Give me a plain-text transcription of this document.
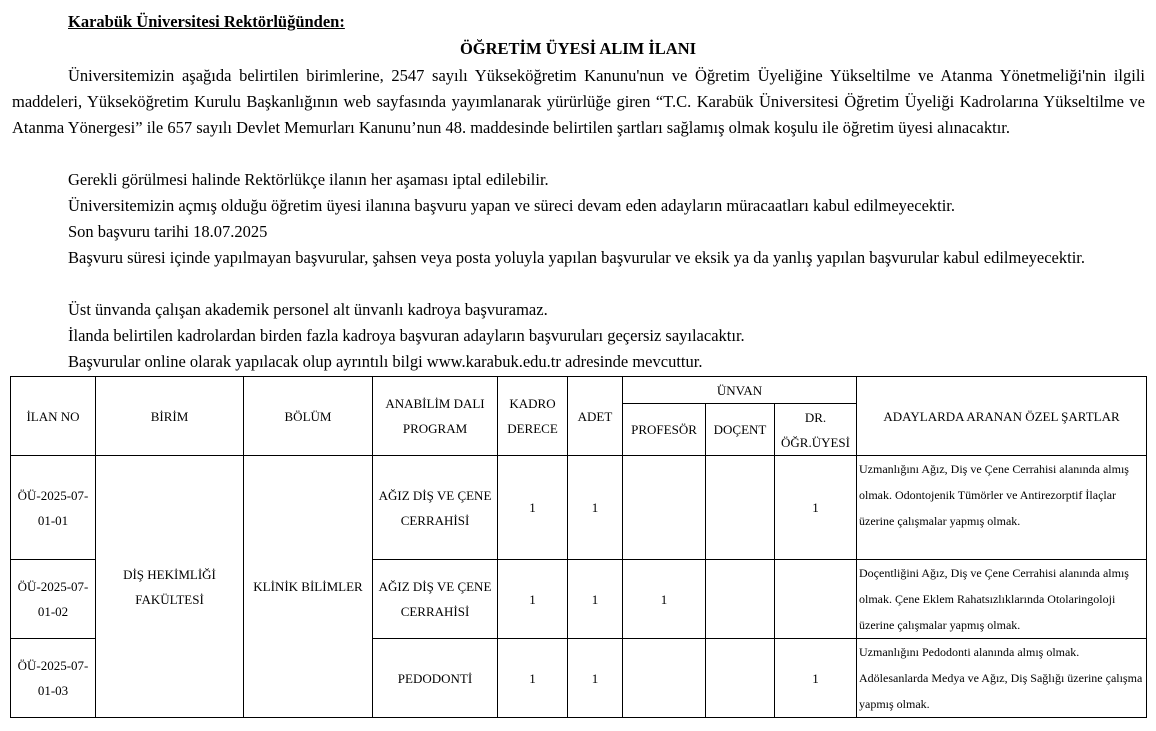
Karabük Üniversitesi Rektörlüğünden:
ÖĞRETİM ÜYESİ ALIM İLANI
Üniversitemizin aşağıda belirtilen birimlerine, 2547 sayılı Yükseköğretim Kanunu'nun ve Öğretim Üyeliğine Yükseltilme ve Atanma Yönetmeliği'nin ilgili maddeleri, Yükseköğretim Kurulu Başkanlığının web sayfasında yayımlanarak yürürlüğe giren “T.C. Karabük Üniversitesi Öğretim Üyeliği Kadrolarına Yükseltilme ve Atanma Yönergesi” ile 657 sayılı Devlet Memurları Kanunu’nun 48. maddesinde belirtilen şartları sağlamış olmak koşulu ile öğretim üyesi alınacaktır.
Gerekli görülmesi halinde Rektörlükçe ilanın her aşaması iptal edilebilir.
Üniversitemizin açmış olduğu öğretim üyesi ilanına başvuru yapan ve süreci devam eden adayların müracaatları kabul edilmeyecektir.
Son başvuru tarihi 18.07.2025
Başvuru süresi içinde yapılmayan başvurular, şahsen veya posta yoluyla yapılan başvurular ve eksik ya da yanlış yapılan başvurular kabul edilmeyecektir.
Üst ünvanda çalışan akademik personel alt ünvanlı kadroya başvuramaz.
İlanda belirtilen kadrolardan birden fazla kadroya başvuran adayların başvuruları geçersiz sayılacaktır.
Başvurular online olarak yapılacak olup ayrıntılı bilgi www.karabuk.edu.tr adresinde mevcuttur.
İLAN NO	BİRİM	BÖLÜM	ANABİLİM DALI PROGRAM	KADRO DERECE	ADET	ÜNVAN			ADAYLARDA ARANAN ÖZEL ŞARTLAR
						PROFESÖR	DOÇENT	DR. ÖĞR.ÜYESİ	
ÖÜ-2025-07-01-01	DİŞ HEKİMLİĞİ FAKÜLTESİ	KLİNİK BİLİMLER	AĞIZ DİŞ VE ÇENE CERRAHİSİ	1	1			1	Uzmanlığını Ağız, Diş ve Çene Cerrahisi alanında almış olmak. Odontojenik Tümörler ve Antirezorptif İlaçlar üzerine çalışmalar yapmış olmak.
ÖÜ-2025-07-01-02			AĞIZ DİŞ VE ÇENE CERRAHİSİ	1	1	1			Doçentliğini Ağız, Diş ve Çene Cerrahisi alanında almış olmak. Çene Eklem Rahatsızlıklarında Otolaringoloji üzerine çalışmalar yapmış olmak.
ÖÜ-2025-07-01-03			PEDODONTİ	1	1			1	Uzmanlığını Pedodonti alanında almış olmak. Adölesanlarda Medya ve Ağız, Diş Sağlığı üzerine çalışma yapmış olmak.
